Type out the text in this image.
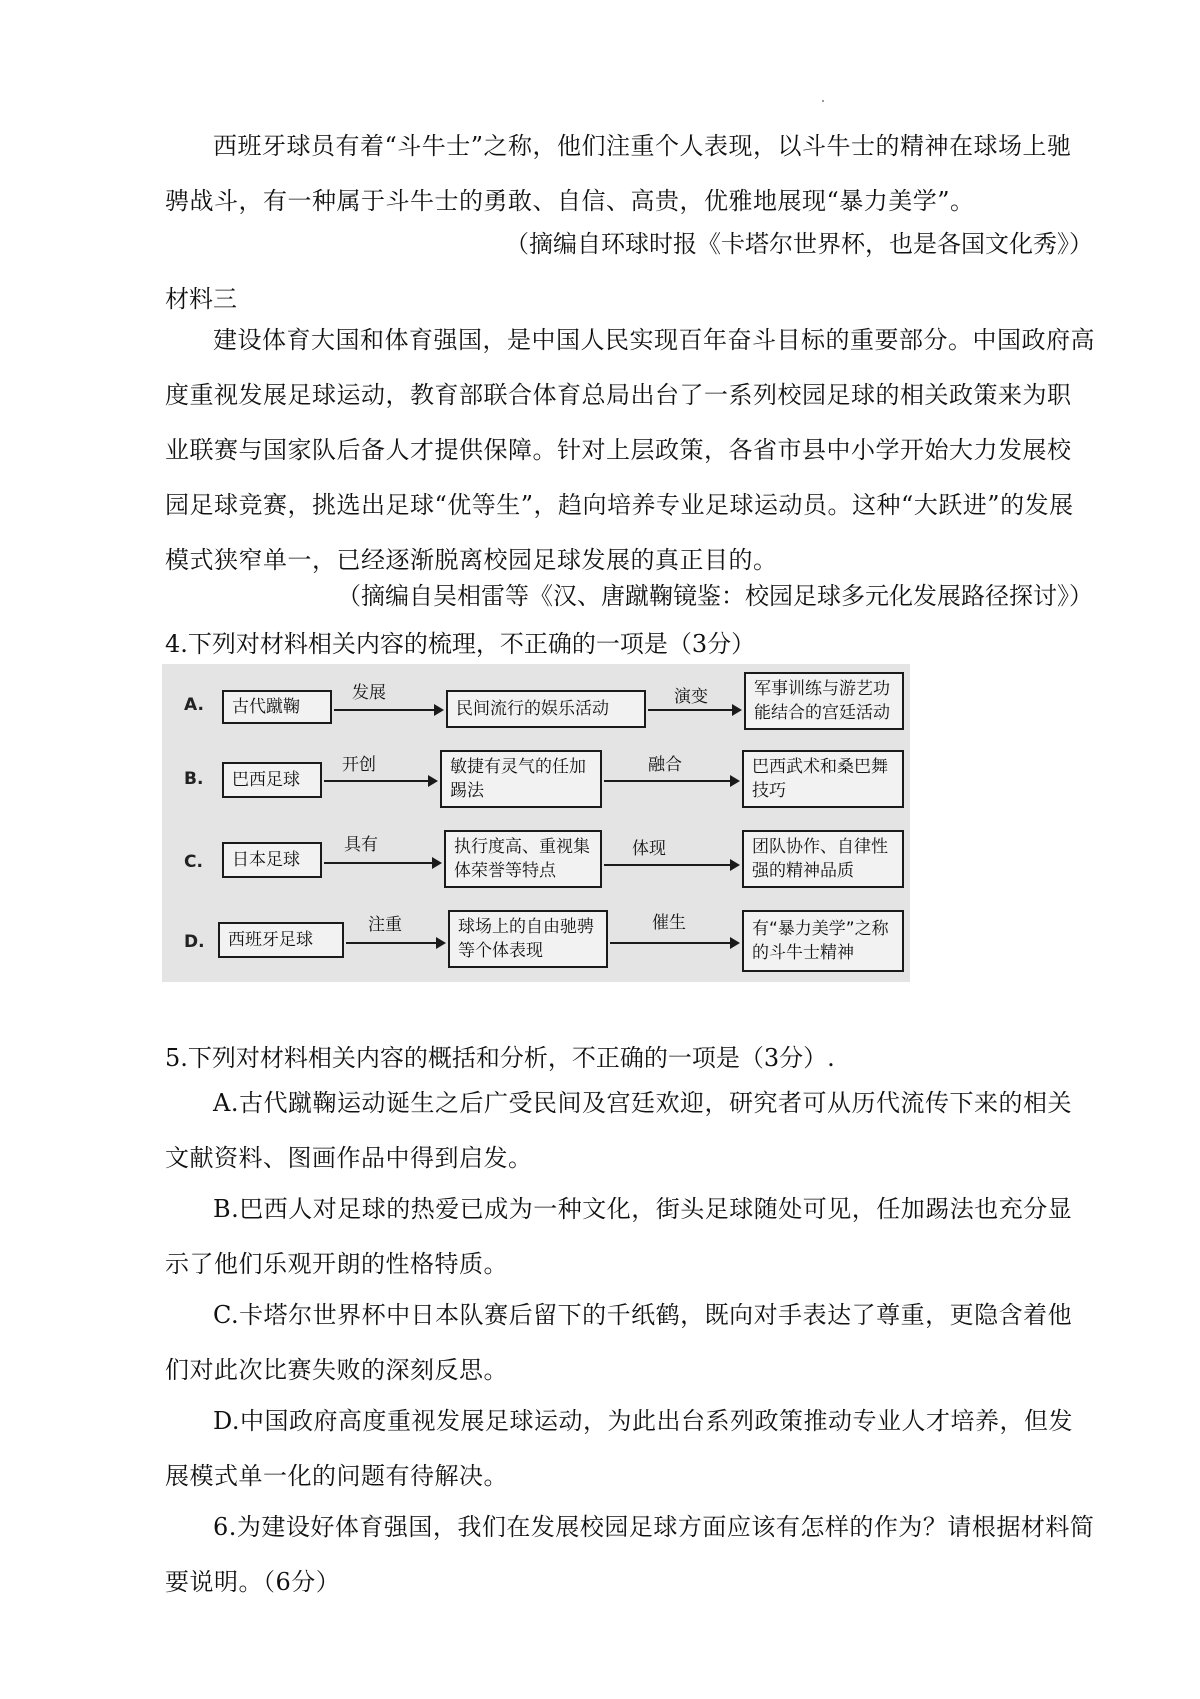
西班牙球员有着“斗牛士”之称，他们注重个人表现，以斗牛士的精神在球场上驰骋战斗，有一种属于斗牛士的勇敢、自信、高贵，优雅地展现“暴力美学”。

（摘编自环球时报《卡塔尔世界杯，也是各国文化秀》）

材料三

建设体育大国和体育强国，是中国人民实现百年奋斗目标的重要部分。中国政府高度重视发展足球运动，教育部联合体育总局出台了一系列校园足球的相关政策来为职业联赛与国家队后备人才提供保障。针对上层政策，各省市县中小学开始大力发展校园足球竞赛，挑选出足球“优等生”，趋向培养专业足球运动员。这种“大跃进”的发展模式狭窄单一，已经逐渐脱离校园足球发展的真正目的。

（摘编自吴相雷等《汉、唐蹴鞠镜鉴：校园足球多元化发展路径探讨》）

4.下列对材料相关内容的梳理，不正确的一项是（3分）

A.	古代蹴鞠
发展
民间流行的娱乐活动
演变	军事训练与游艺功能结合的宫廷活动
B.	巴西足球
开创	敏捷有灵气的任加踢法
融合	巴西武术和桑巴舞技巧
C.	日本足球
具有	执行度高、重视集体荣誉等特点
体现	团队协作、自律性强的精神品质
D.	西班牙足球
注重	球场上的自由驰骋等个体表现
催生	有“暴力美学”之称的斗牛士精神

5.下列对材料相关内容的概括和分析，不正确的一项是（3分）.

A.古代蹴鞠运动诞生之后广受民间及宫廷欢迎，研究者可从历代流传下来的相关文献资料、图画作品中得到启发。

B.巴西人对足球的热爱已成为一种文化，街头足球随处可见，任加踢法也充分显示了他们乐观开朗的性格特质。

C.卡塔尔世界杯中日本队赛后留下的千纸鹤，既向对手表达了尊重，更隐含着他们对此次比赛失败的深刻反思。

D.中国政府高度重视发展足球运动，为此出台系列政策推动专业人才培养，但发展模式单一化的问题有待解决。

6.为建设好体育强国，我们在发展校园足球方面应该有怎样的作为？请根据材料简要说明。（6分）
